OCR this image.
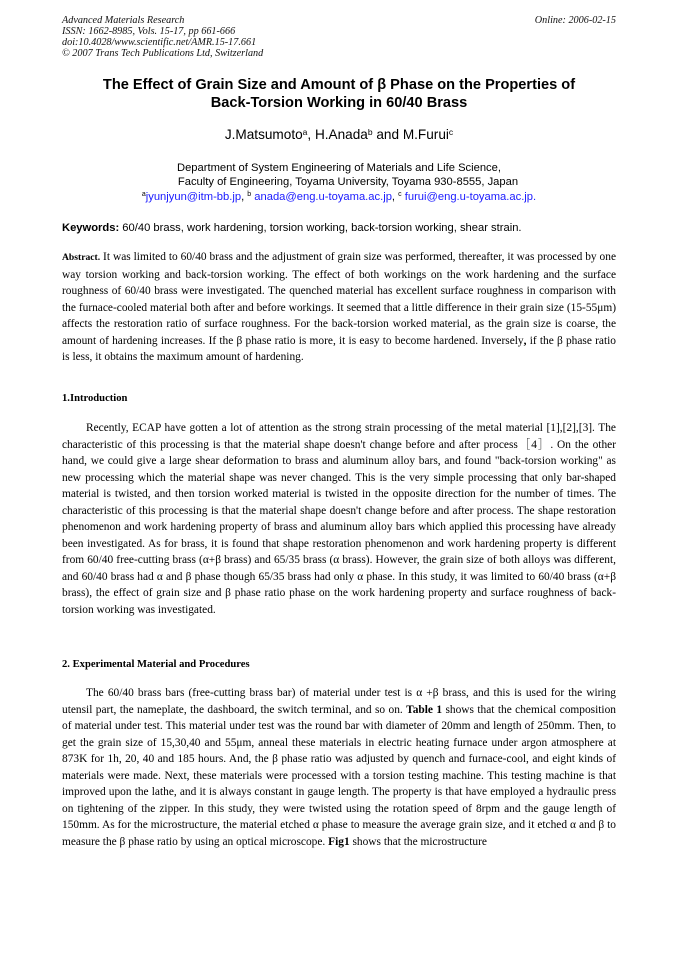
Advanced Materials Research
ISSN: 1662-8985, Vols. 15-17, pp 661-666
doi:10.4028/www.scientific.net/AMR.15-17.661
© 2007 Trans Tech Publications Ltd, Switzerland
Online: 2006-02-15
The Effect of Grain Size and Amount of β Phase on the Properties of
Back-Torsion Working in 60/40 Brass
J.Matsumoto$^a$, H.Anada$^b$ and M.Furui$^c$
Department of System Engineering of Materials and Life Science,
Faculty of Engineering, Toyama University, Toyama 930-8555, Japan
$^a$jyunjyun@itm-bb.jp, $^b$ anada@eng.u-toyama.ac.jp, $^c$ furui@eng.u-toyama.ac.jp.
Keywords: 60/40 brass, work hardening, torsion working, back-torsion working, shear strain.
Abstract. It was limited to 60/40 brass and the adjustment of grain size was performed, thereafter, it was processed by one way torsion working and back-torsion working. The effect of both workings on the work hardening and the surface roughness of 60/40 brass were investigated. The quenched material has excellent surface roughness in comparison with the furnace-cooled material both after and before workings. It seemed that a little difference in their grain size (15-55μm) affects the restoration ratio of surface roughness. For the back-torsion worked material, as the grain size is coarse, the amount of hardening increases. If the β phase ratio is more, it is easy to become hardened. Inversely, if the β phase ratio is less, it obtains the maximum amount of hardening.
1.Introduction
Recently, ECAP have gotten a lot of attention as the strong strain processing of the metal material [1],[2],[3]. The characteristic of this processing is that the material shape doesn't change before and after process［4］. On the other hand, we could give a large shear deformation to brass and aluminum alloy bars, and found "back-torsion working" as new processing which the material shape was never changed. This is the very simple processing that only bar-shaped material is twisted, and then torsion worked material is twisted in the opposite direction for the number of times. The characteristic of this processing is that the material shape doesn't change before and after process. The shape restoration phenomenon and work hardening property of brass and aluminum alloy bars which applied this processing have already been investigated. As for brass, it is found that shape restoration phenomenon and work hardening property is different from 60/40 free-cutting brass (α+β brass) and 65/35 brass (α brass). However, the grain size of both alloys was different, and 60/40 brass had α and β phase though 65/35 brass had only α phase. In this study, it was limited to 60/40 brass (α+β brass), the effect of grain size and β phase ratio phase on the work hardening property and surface roughness of back-torsion working was investigated.
2. Experimental Material and Procedures
The 60/40 brass bars (free-cutting brass bar) of material under test is α +β brass, and this is used for the wiring utensil part, the nameplate, the dashboard, the switch terminal, and so on. Table 1 shows that the chemical composition of material under test. This material under test was the round bar with diameter of 20mm and length of 250mm. Then, to get the grain size of 15,30,40 and 55μm, anneal these materials in electric heating furnace under argon atmosphere at 873K for 1h, 20, 40 and 185 hours. And, the β phase ratio was adjusted by quench and furnace-cool, and eight kinds of materials were made. Next, these materials were processed with a torsion testing machine. This testing machine is that improved upon the lathe, and it is always constant in gauge length. The property is that have employed a hydraulic press on tightening of the zipper. In this study, they were twisted using the rotation speed of 8rpm and the gauge length of 150mm. As for the microstructure, the material etched α phase to measure the average grain size, and it etched α and β to measure the β phase ratio by using an optical microscope. Fig1 shows that the microstructure
